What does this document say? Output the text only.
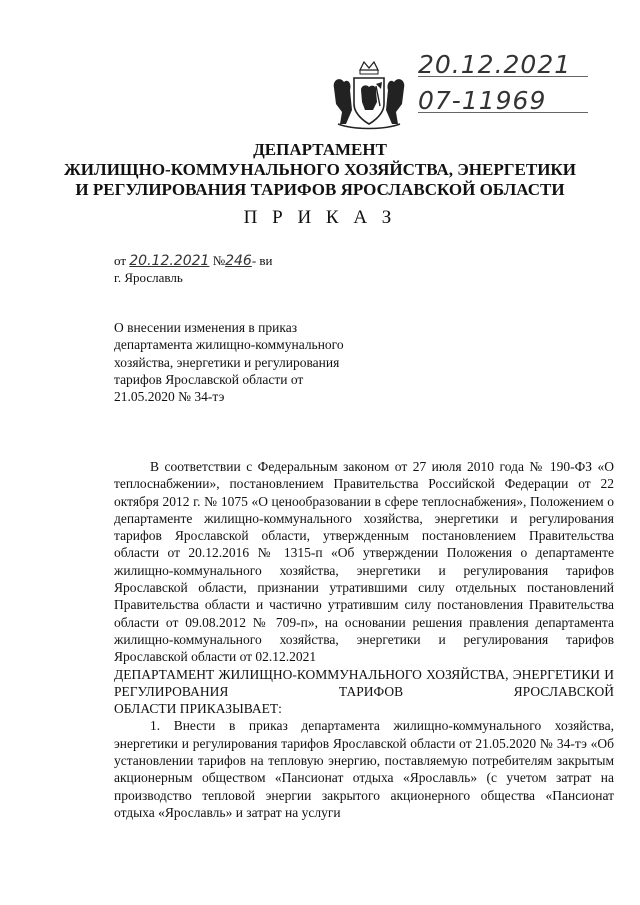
20.12.2021
07-11969
ДЕПАРТАМЕНТ
ЖИЛИЩНО-КОММУНАЛЬНОГО ХОЗЯЙСТВА, ЭНЕРГЕТИКИ
И РЕГУЛИРОВАНИЯ ТАРИФОВ ЯРОСЛАВСКОЙ ОБЛАСТИ
П Р И К А З
от 20.12.2021 №246- ви
г. Ярославль
О внесении изменения в приказ департамента жилищно-коммунального хозяйства, энергетики и регулирования тарифов Ярославской области от 21.05.2020 № 34-тэ

В соответствии с Федеральным законом от 27 июля 2010 года № 190-ФЗ «О теплоснабжении», постановлением Правительства Российской Федерации от 22 октября 2012 г. № 1075 «О ценообразовании в сфере теплоснабжения», Положением о департаменте жилищно-коммунального хозяйства, энергетики и регулирования тарифов Ярославской области, утвержденным постановлением Правительства области от 20.12.2016 № 1315-п «Об утверждении Положения о департаменте жилищно-коммунального хозяйства, энергетики и регулирования тарифов Ярославской области, признании утратившими силу отдельных постановлений Правительства области и частично утратившим силу постановления Правительства области от 09.08.2012 № 709-п», на основании решения правления департамента жилищно-коммунального хозяйства, энергетики и регулирования тарифов Ярославской области от 02.12.2021

ДЕПАРТАМЕНТ ЖИЛИЩНО-КОММУНАЛЬНОГО ХОЗЯЙСТВА, ЭНЕРГЕТИКИ И РЕГУЛИРОВАНИЯ ТАРИФОВ ЯРОСЛАВСКОЙ

ОБЛАСТИ ПРИКАЗЫВАЕТ:

1. Внести в приказ департамента жилищно-коммунального хозяйства, энергетики и регулирования тарифов Ярославской области от 21.05.2020 № 34-тэ «Об установлении тарифов на тепловую энергию, поставляемую потребителям закрытым акционерным обществом «Пансионат отдыха «Ярославль» (с учетом затрат на производство тепловой энергии закрытого акционерного общества «Пансионат отдыха «Ярославль» и затрат на услуги
